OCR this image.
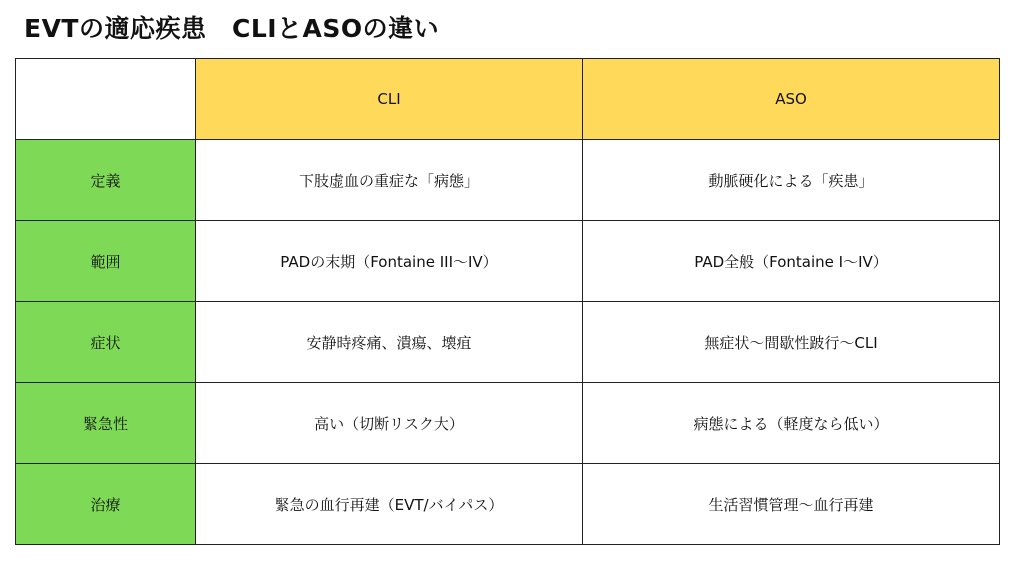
EVTの適応疾患　CLIとASOの違い
	CLI	ASO
定義	下肢虚血の重症な「病態」	動脈硬化による「疾患」
範囲	PADの末期（Fontaine III〜IV）	PAD全般（Fontaine I〜IV）
症状	安静時疼痛、潰瘍、壊疽	無症状〜間歇性跛行〜CLI
緊急性	高い（切断リスク大）	病態による（軽度なら低い）
治療	緊急の血行再建（EVT/バイパス）	生活習慣管理〜血行再建
